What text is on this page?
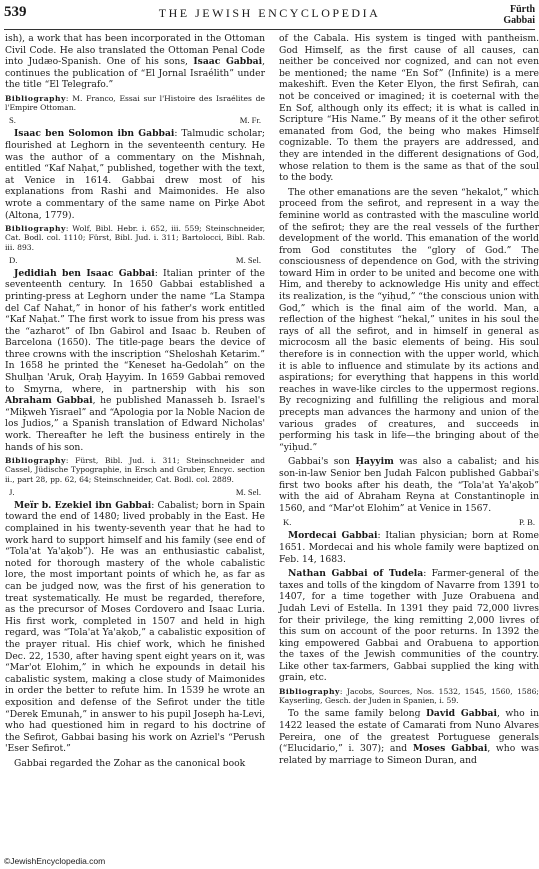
539	THE JEWISH ENCYCLOPEDIA	Fürth
Gabbai

ish), a work that has been incorporated in the Ottoman Civil Code. He also translated the Ottoman Penal Code into Judæo-Spanish. One of his sons, Isaac Gabbai, continues the publication of “El Jornal Israélith” under the title “El Telegrafo.”

Bibliography: M. Franco, Essai sur l'Histoire des Israélites de l'Empire Ottoman.

S.	M. Fr.

Isaac ben Solomon ibn Gabbai: Talmudic scholar; flourished at Leghorn in the seventeenth century. He was the author of a commentary on the Mishnah, entitled “Kaf Naḥat,” published, together with the text, at Venice in 1614. Gabbai drew most of his explanations from Rashi and Maimonides. He also wrote a commentary of the same name on Pirḳe Abot (Altona, 1779).

Bibliography: Wolf, Bibl. Hebr. i. 652, iii. 559; Steinschneider, Cat. Bodl. col. 1110; Fürst, Bibl. Jud. i. 311; Bartolocci, Bibl. Rab. iii. 893.

D.	M. Sel.

Jedidiah ben Isaac Gabbai: Italian printer of the seventeenth century. In 1650 Gabbai established a printing-press at Leghorn under the name “La Stampa del Caf Nahat,” in honor of his father's work entitled “Kaf Naḥat.” The first work to issue from his press was the “azharot” of Ibn Gabirol and Isaac b. Reuben of Barcelona (1650). The title-page bears the device of three crowns with the inscription “Sheloshah Ketarim.” In 1658 he printed the “Keneset ha-Gedolah” on the Shulḥan 'Aruk, Oraḥ Ḥayyim. In 1659 Gabbai removed to Smyrna, where, in partnership with his son Abraham Gabbai, he published Manasseh b. Israel's “Miḳweh Yisrael” and “Apologia por la Noble Nacion de los Judios,” a Spanish translation of Edward Nicholas' work. Thereafter he left the business entirely in the hands of his son.

Bibliography: Fürst, Bibl. Jud. i. 311; Steinschneider and Cassel, Jüdische Typographie, in Ersch and Gruber, Encyc. section ii., part 28, pp. 62, 64; Steinschneider, Cat. Bodl. col. 2889.

J.	M. Sel.

Meïr b. Ezekiel ibn Gabbai: Cabalist; born in Spain toward the end of 1480; lived probably in the East. He complained in his twenty-seventh year that he had to work hard to support himself and his family (see end of “Tola'at Ya'aḳob”). He was an enthusiastic cabalist, noted for thorough mastery of the whole cabalistic lore, the most important points of which he, as far as can be judged now, was the first of his generation to treat systematically. He must be regarded, therefore, as the precursor of Moses Cordovero and Isaac Luria. His first work, completed in 1507 and held in high regard, was “Tola'at Ya'aḳob,” a cabalistic exposition of the prayer ritual. His chief work, which he finished Dec. 22, 1530, after having spent eight years on it, was “Mar'ot Elohim,” in which he expounds in detail his cabalistic system, making a close study of Maimonides in order the better to refute him. In 1539 he wrote an exposition and defense of the Sefirot under the title “Derek Emunah,” in answer to his pupil Joseph ha-Levi, who had questioned him in regard to his doctrine of the Sefirot, Gabbai basing his work on Azriel's “Perush 'Eser Sefirot.”

Gabbai regarded the Zohar as the canonical book

of the Cabala. His system is tinged with pantheism. God Himself, as the first cause of all causes, can neither be conceived nor cognized, and can not even be mentioned; the name “En Sof” (Infinite) is a mere makeshift. Even the Keter Elyon, the first Sefirah, can not be conceived or imagined; it is coeternal with the En Sof, although only its effect; it is what is called in Scripture “His Name.” By means of it the other sefirot emanated from God, the being who makes Himself cognizable. To them the prayers are addressed, and they are intended in the different designations of God, whose relation to them is the same as that of the soul to the body.

The other emanations are the seven “hekalot,” which proceed from the sefirot, and represent in a way the feminine world as contrasted with the masculine world of the sefirot; they are the real vessels of the further development of the world. This emanation of the world from God constitutes the “glory of God.” The consciousness of dependence on God, with the striving toward Him in order to be united and become one with Him, and thereby to acknowledge His unity and effect its realization, is the “yiḥud,” “the conscious union with God,” which is the final aim of the world. Man, a reflection of the highest “hekal,” unites in his soul the rays of all the sefirot, and in himself in general as microcosm all the basic elements of being. His soul therefore is in connection with the upper world, which it is able to influence and stimulate by its actions and aspirations; for everything that happens in this world reaches in wave-like circles to the uppermost regions. By recognizing and fulfilling the religious and moral precepts man advances the harmony and union of the various grades of creatures, and succeeds in performing his task in life—the bringing about of the “yiḥud.”

Gabbai's son Ḥayyim was also a cabalist; and his son-in-law Senior ben Judah Falcon published Gabbai's first two books after his death, the “Tola'at Ya'aḳob” with the aid of Abraham Reyna at Constantinople in 1560, and “Mar'ot Elohim” at Venice in 1567.

K.	P. B.

Mordecai Gabbai: Italian physician; born at Rome 1651. Mordecai and his whole family were baptized on Feb. 14, 1683.

Nathan Gabbai of Tudela: Farmer-general of the taxes and tolls of the kingdom of Navarre from 1391 to 1407, for a time together with Juze Orabuena and Judah Levi of Estella. In 1391 they paid 72,000 livres for their privilege, the king remitting 2,000 livres of this sum on account of the poor returns. In 1392 the king empowered Gabbai and Orabuena to apportion the taxes of the Jewish communities of the country. Like other tax-farmers, Gabbai supplied the king with grain, etc.

Bibliography: Jacobs, Sources, Nos. 1532, 1545, 1560, 1586; Kayserling, Gesch. der Juden in Spanien, i. 59.

To the same family belong David Gabbai, who in 1422 leased the estate of Camarati from Nuno Alvares Pereira, one of the greatest Portuguese generals (“Elucidario,” i. 307); and Moses Gabbai, who was related by marriage to Simeon Duran, and

©JewishEncyclopedia.com
